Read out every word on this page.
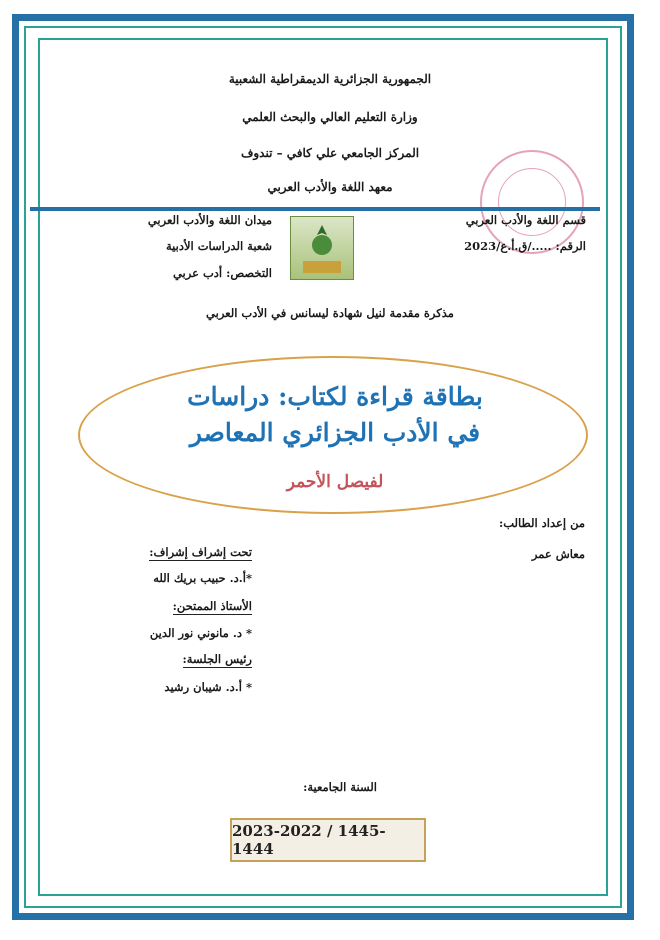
الجمهورية الجزائرية الديمقراطية الشعبية
وزارة التعليم العالي والبحث العلمي
المركز الجامعي علي كافي – تندوف
معهد اللغة والأدب العربي
ميدان اللغة والأدب العربي
شعبة الدراسات الأدبية
التخصص: أدب عربي
قسم اللغة والأدب العربي
الرقم: ...../ق.أ.ع/2023
مذكرة مقدمة لنيل شهادة ليسانس في الأدب العربي
بطاقة قراءة لكتاب: دراسات
في الأدب الجزائري المعاصر
لفيصل الأحمر
من إعداد الطالب:
معاش عمر
تحت إشراف إشراف:
*أ.د. حبيب بريك الله
الأستاذ الممتحن:
* د. مانوني نور الدين
رئيس الجلسة:
* أ.د. شيبان رشيد
السنة الجامعية:
2023-2022 / 1445-1444
